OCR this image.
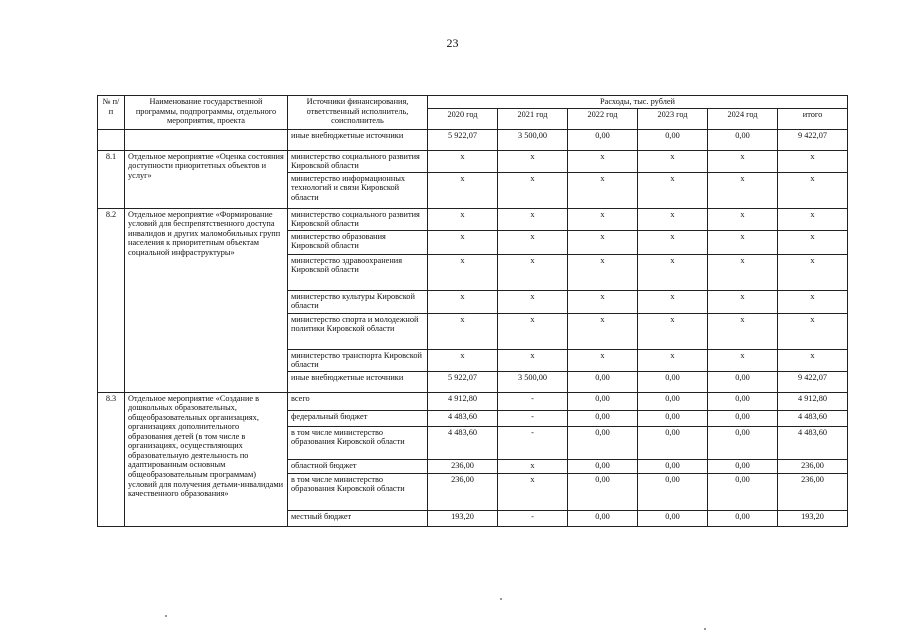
23
№ п/п	Наименование государственной программы, подпрограммы, отдельного мероприятия, проекта	Источники финансирования, ответственный исполнитель, соисполнитель	Расходы, тыс. рублей					
			2020 год	2021 год	2022 год	2023 год	2024 год	итого
		иные внебюджетные источники	5 922,07	3 500,00	0,00	0,00	0,00	9 422,07
8.1	Отдельное мероприятие «Оценка состояния доступности приоритетных объектов и услуг»	министерство социального развития Кировской области	x	x	x	x	x	x
		министерство информационных технологий и связи Кировской области	x	x	x	x	x	x
8.2	Отдельное мероприятие «Формирование условий для беспрепятственного доступа инвалидов и других маломобильных групп населения к приоритетным объектам социальной инфраструктуры»	министерство социального развития Кировской области	x	x	x	x	x	x
		министерство образования Кировской области	x	x	x	x	x	x
		министерство здравоохранения Кировской области	x	x	x	x	x	x
		министерство культуры Кировской области	x	x	x	x	x	x
		министерство спорта и молодежной политики Кировской области	x	x	x	x	x	x
		министерство транспорта Кировской области	x	x	x	x	x	x
		иные внебюджетные источники	5 922,07	3 500,00	0,00	0,00	0,00	9 422,07
8.3	Отдельное мероприятие «Создание в дошкольных образовательных, общеобразовательных организациях, организациях дополнительного образования детей (в том числе в организациях, осуществляющих образовательную деятельность по адаптированным основным общеобразовательным программам) условий для получения детьми-инвалидами качественного образования»	всего	4 912,80	-	0,00	0,00	0,00	4 912,80
		федеральный бюджет	4 483,60	-	0,00	0,00	0,00	4 483,60
		в том числе министерство образования Кировской области	4 483,60	-	0,00	0,00	0,00	4 483,60
		областной бюджет	236,00	x	0,00	0,00	0,00	236,00
		в том числе министерство образования Кировской области	236,00	x	0,00	0,00	0,00	236,00
		местный бюджет	193,20	-	0,00	0,00	0,00	193,20
